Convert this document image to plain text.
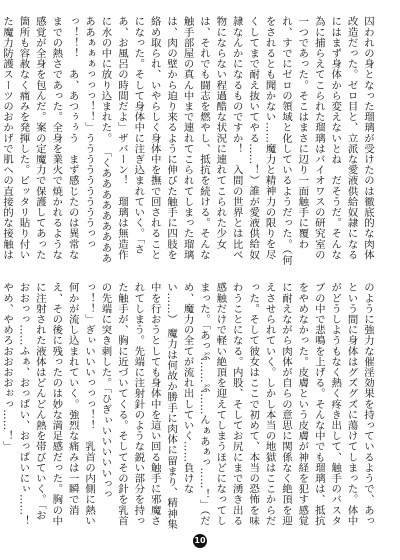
囚われの身となった瑠璃が受けたのは徹底的な肉体改造だった。ゼロ目と、立派な愛液供給奴隷になるにはまず身体から変えないとね　だそうだ。そんな為に捕らえてこられた瑠璃はバイオワスの研究室の一つであった。そこはまさに辺り一面触手に覆われ、すでにゼロの領域と化しているようだった。（何をされるとも聞かない……魔力と精神力の限りを尽くしてまで耐え抜いてやる……！）誰が愛液供給奴隷なんかになるものですか！　入間の世界とは比べ物にならない程過酷な状況に連れてこられた少女は、それでも闘志を燃やし、抵抗を続ける。そんな触手部屋の真ん中まで連れてこられてしまった瑠璃は、肉の壁から迫り来るように伸びた触手に四肢を絡め取られ、いやらしく身体中を撫で回されることになった。そして身体中に注ぎ込まれていく。「さあ、お風呂の時間だよ」ザバーン！　瑠璃は無造作に水の中に放り込まれた。 「くあああああああああああぁぁぁっっっ！！」うううううううううっっっ！！！　あ、あつぅぅう　まず感じたのは異常なまでの熱さであった。全身を業火で焼かれるような感覚が全身を包んだ。案の定魔力で保護してあった箇所も容赦なく痛みを発揮した。ビッタリ貼り付いた魔力防護スーツのおかげで肌への直接的な接触は
のように強力な催淫効果を持っているようで、あっという間に身体はグズグズに蕩けてしまった。体中がどうしようもなく熱く疼き出して、触手のバスタブの中で悲鳴を上げる。そんな中でも瑠璃は、抵抗をやめなかった。皮膚という皮膚が神経を犯す感覚に耐えながら肉体が自らの意思に関係なく絶頂を迎えさせられていく。しかし本当の地獄はここからだった。そして彼女はここで初めて、本当の恐怖を味わうことになる。内股、そしてお尻にまで湧き出る感触だけで軽い絶頂を迎えてしまうほどになってしまった。「あっぷ……ぷ……んぁあぁっ……！」（だめ、魔力の全てが流れ出していく……負けない……） 魔力は何故か勝手に肉体に留まり、精神集中を行おうとしても身体中を這い回る触手に邪魔されてしまう。先端に注射針のような鋭い部分を持った触手が、胸に近づいてくる。そしてその針を乳首の先端に突き刺した。「ひぎぃいいいいいっっっ！！」ぎぃいいいっっっ！！　乳首の内側に熱い何かが流し込まれていく。強烈な痛みは一瞬で消え、その後に残ったのは妙な満足感だった。胸の中に注射された液体はどんどん熱を帯びていく。「おおおっっ……ふぁ、おっぱい、おっぱいにぃ……！　やめ、やめろおおおおぉっ……！」
10
